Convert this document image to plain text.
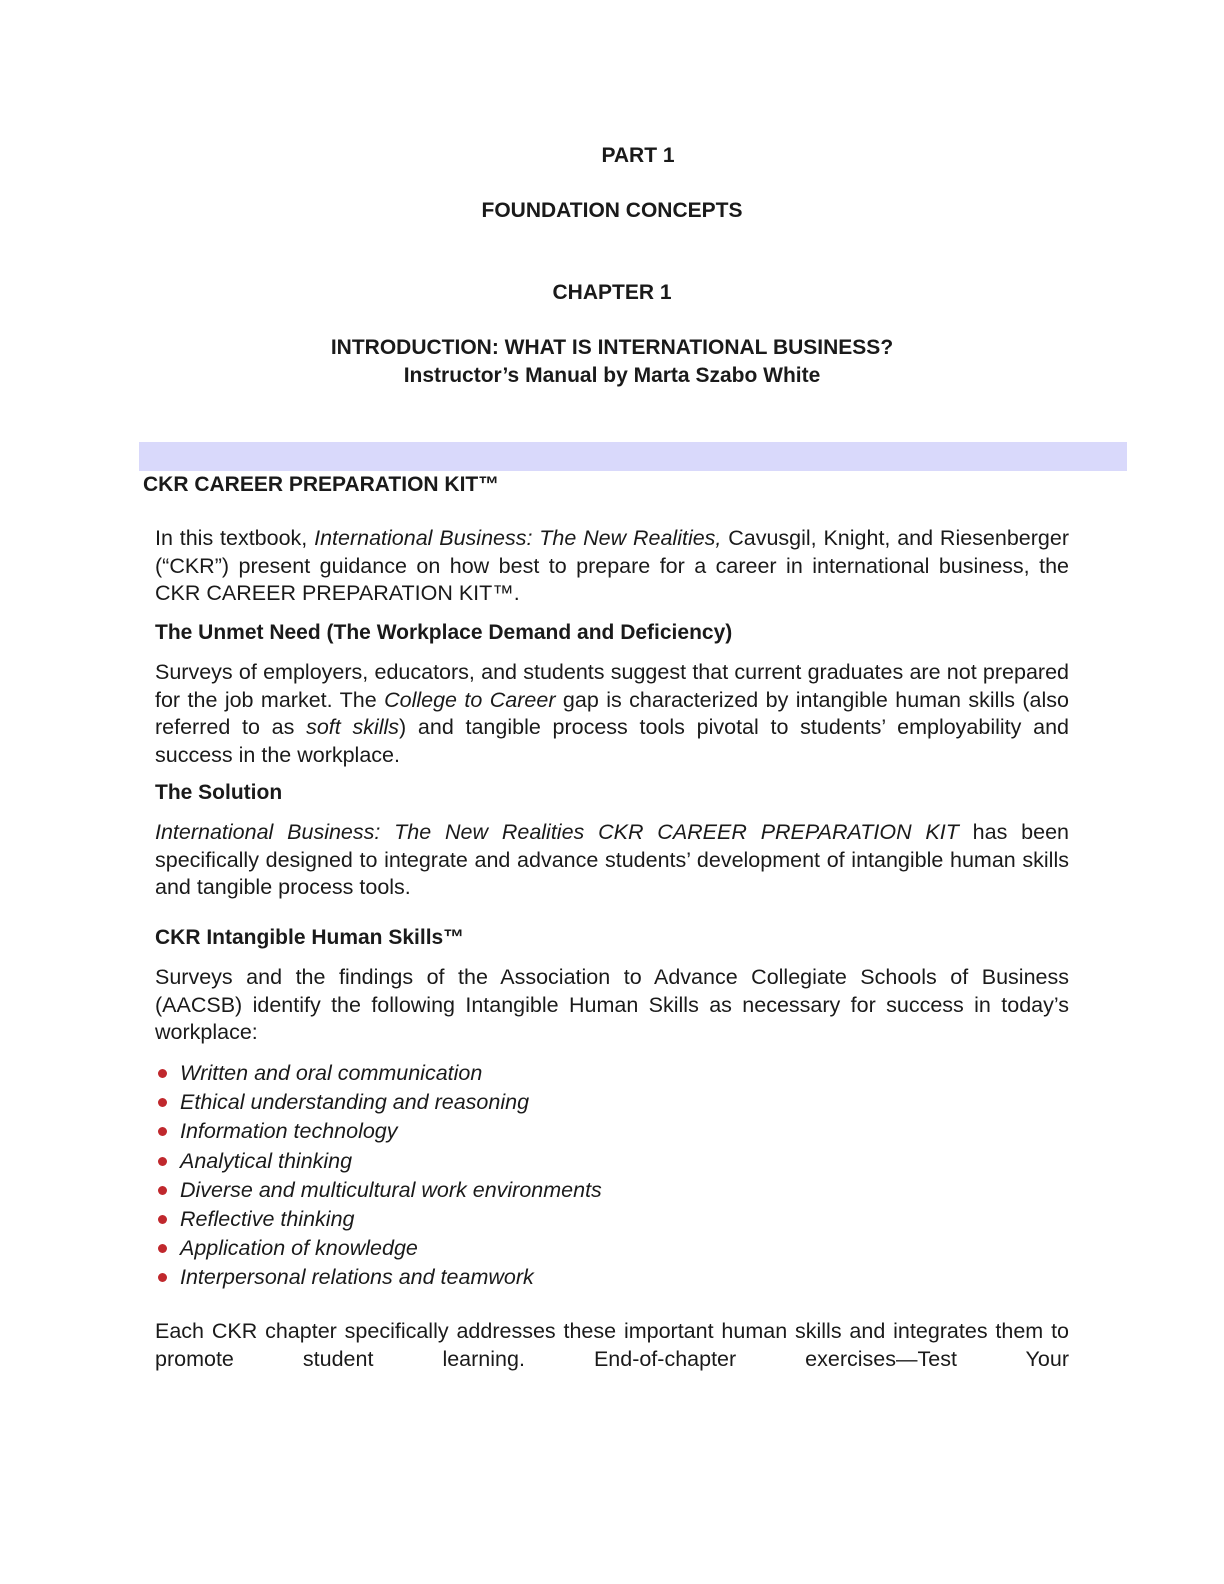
PART 1
FOUNDATION CONCEPTS
CHAPTER 1
INTRODUCTION: WHAT IS INTERNATIONAL BUSINESS?
Instructor’s Manual by Marta Szabo White
CKR CAREER PREPARATION KIT™

In this textbook, International Business: The New Realities, Cavusgil, Knight, and Riesenberger (“CKR”) present guidance on how best to prepare for a career in international business, the CKR CAREER PREPARATION KIT™.

The Unmet Need (The Workplace Demand and Deficiency)

Surveys of employers, educators, and students suggest that current graduates are not prepared for the job market. The College to Career gap is characterized by intangible human skills (also referred to as soft skills) and tangible process tools pivotal to students’ employability and success in the workplace.

The Solution

International Business: The New Realities CKR CAREER PREPARATION KIT has been specifically designed to integrate and advance students’ development of intangible human skills and tangible process tools.

CKR Intangible Human Skills™

Surveys and the findings of the Association to Advance Collegiate Schools of Business (AACSB) identify the following Intangible Human Skills as necessary for success in today’s workplace:

Written and oral communication
Ethical understanding and reasoning
Information technology
Analytical thinking
Diverse and multicultural work environments
Reflective thinking
Application of knowledge
Interpersonal relations and teamwork

Each CKR chapter specifically addresses these important human skills and integrates them to promote student learning. End-of-chapter exercises—Test Your
